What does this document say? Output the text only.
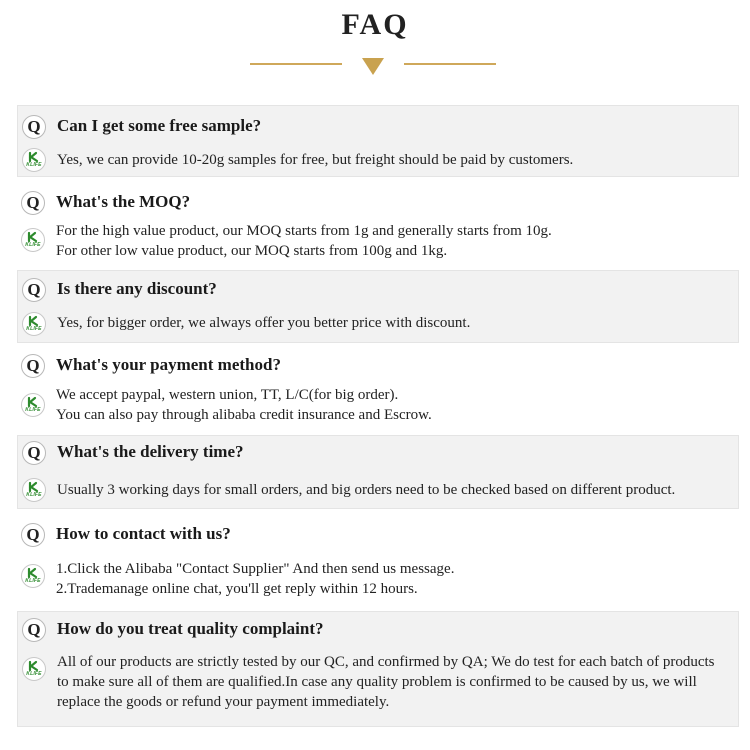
FAQ
Q Can I get some free sample?
KLIFE Yes, we can provide 10-20g samples for free, but freight should be paid by customers.
Q What's the MOQ?
KLIFE
For the high value product, our MOQ starts from 1g and generally starts from 10g.
For other low value product, our MOQ starts from 100g and 1kg.
Q Is there any discount?
KLIFE Yes, for bigger order, we always offer you better price with discount.
Q What's your payment method?
KLIFE
We accept paypal, western union, TT, L/C(for big order).
You can also pay through alibaba credit insurance and Escrow.
Q What's the delivery time?
KLIFE Usually 3 working days for small orders, and big orders need to be checked based on different product.
Q How to contact with us?
KLIFE
1.Click the Alibaba "Contact Supplier" And then send us message.
2.Trademanage online chat, you'll get reply within 12 hours.
Q How do you treat quality complaint?
KLIFE
All of our products are strictly tested by our QC, and confirmed by QA; We do test for each batch of products to make sure all of them are qualified.In case any quality problem is confirmed to be caused by us, we will replace the goods or refund your payment immediately.
